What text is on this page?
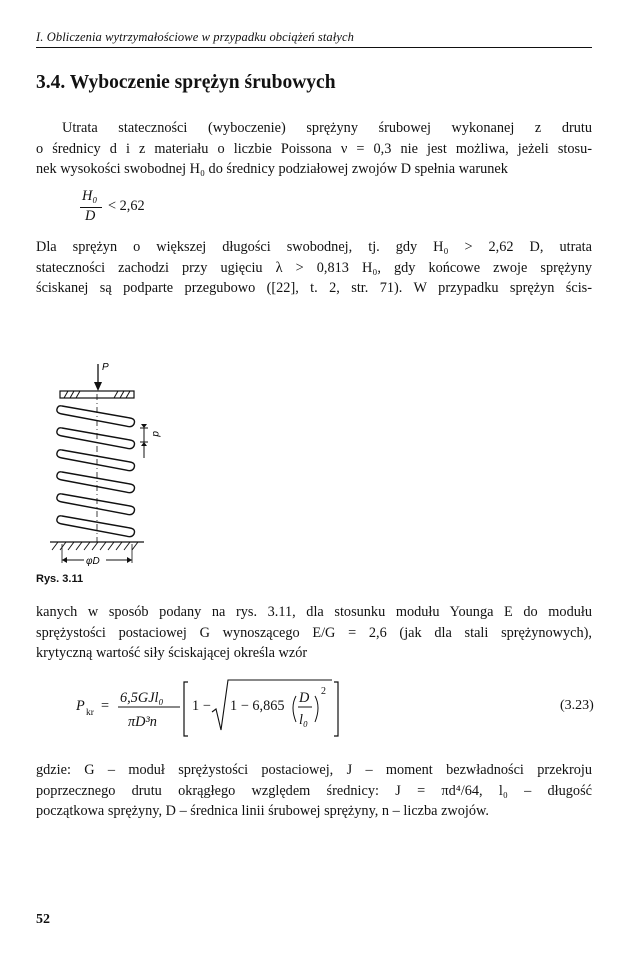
I. Obliczenia wytrzymałościowe w przypadku obciążeń stałych
3.4. Wyboczenie sprężyn śrubowych
Utrata stateczności (wyboczenie) sprężyny śrubowej wykonanej z drutu
o średnicy d i z materiału o liczbie Poissona ν = 0,3 nie jest możliwa, jeżeli stosu-
nek wysokości swobodnej H₀ do średnicy podziałowej zwojów D spełnia warunek
H₀
D
< 2,62
Dla sprężyn o większej długości swobodnej, tj. gdy H₀ > 2,62 D, utrata
stateczności zachodzi przy ugięciu λ > 0,813 H₀, gdy końcowe zwoje sprężyny
ściskanej są podparte przegubowo ([22], t. 2, str. 71). W przypadku sprężyn ścis-
P
d
φD
Rys. 3.11
kanych w sposób podany na rys. 3.11, dla stosunku modułu Younga E do modułu
sprężystości postaciowej G wynoszącego E/G = 2,6 (jak dla stali sprężynowych),
krytyczną wartość siły ściskającej określa wzór
P kr = 6,5GJl₀
πD³n
1 − 1 − 6,865 D
l₀
2
(3.23)
gdzie: G – moduł sprężystości postaciowej, J – moment bezwładności przekroju
poprzecznego drutu okrągłego względem średnicy: J = πd⁴/64, l₀ – długość
początkowa sprężyny, D – średnica linii śrubowej sprężyny, n – liczba zwojów.
52
